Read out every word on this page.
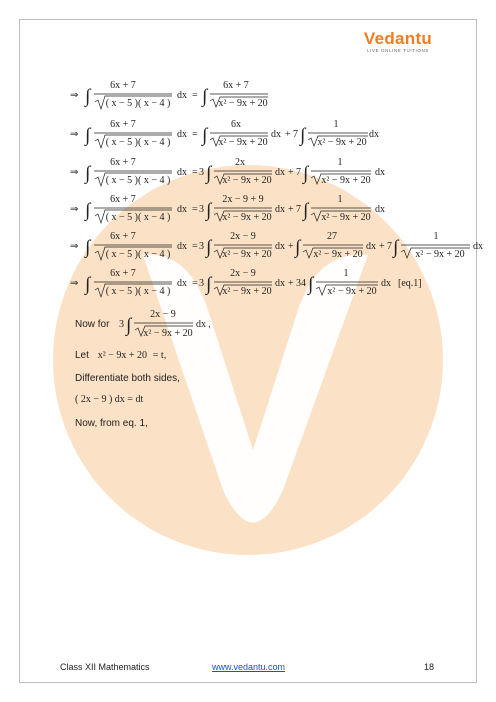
Vedantu
LIVE ONLINE TUITIONS
⇒ ∫
6x + 7
( x − 5 )( x − 4 )
dx = ∫
6x + 7
x² − 9x + 20
⇒ ∫
6x + 7
( x − 5 )( x − 4 )
dx = ∫
6x
x² − 9x + 20
dx + 7 ∫
1
x² − 9x + 20
dx
⇒ ∫
6x + 7
( x − 5 )( x − 4 )
dx = 3 ∫
2x
x² − 9x + 20
dx + 7 ∫
1
x² − 9x + 20
dx
⇒ ∫
6x + 7
( x − 5 )( x − 4 )
dx = 3 ∫
2x − 9 + 9
x² − 9x + 20
dx + 7 ∫
1
x² − 9x + 20
dx
⇒ ∫
6x + 7
( x − 5 )( x − 4 )
dx = 3 ∫
2x − 9
x² − 9x + 20
dx + ∫
27
x² − 9x + 20
dx + 7 ∫
1
x² − 9x + 20
dx
⇒ ∫
6x + 7
( x − 5 )( x − 4 )
dx = 3 ∫
2x − 9
x² − 9x + 20
dx + 34 ∫
1
x² − 9x + 20
dx [eq.1]
Now for 3 ∫
2x − 9
x² − 9x + 20
dx ,
Let x² − 9x + 20 = t,
Differentiate both sides,
( 2x − 9 ) dx = dt
Now, from eq. 1,
Class XII Mathematics	www.vedantu.com	18
